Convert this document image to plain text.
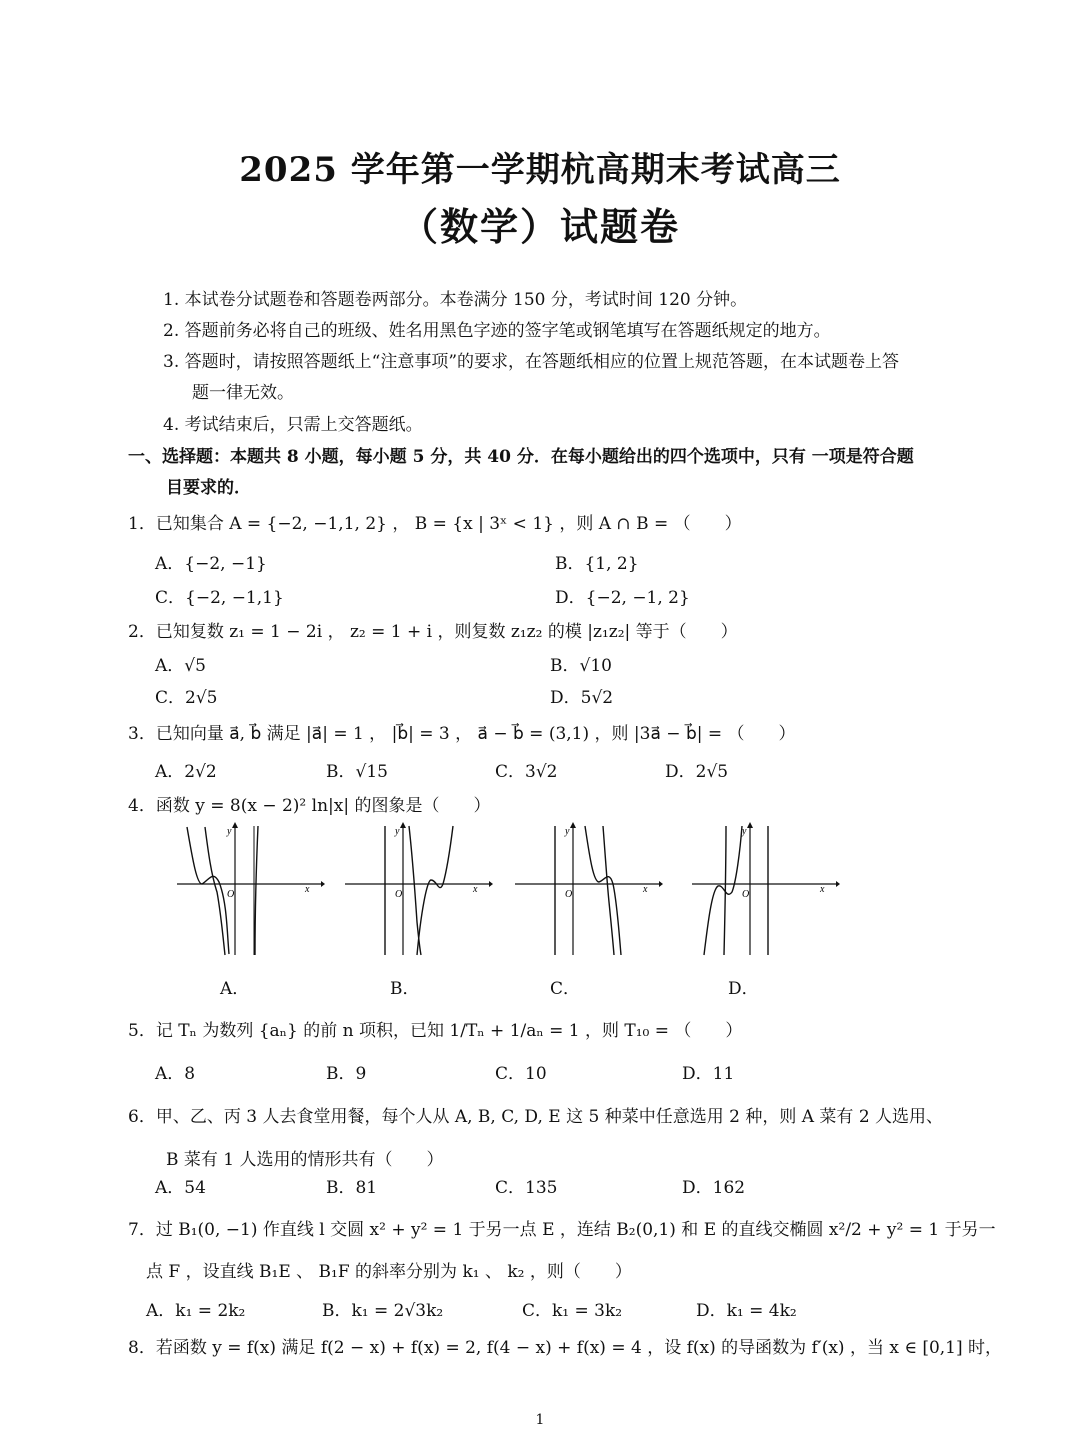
2025 学年第一学期杭高期末考试高三
（数学）试题卷
1. 本试卷分试题卷和答题卷两部分。本卷满分 150 分，考试时间 120 分钟。
2. 答题前务必将自己的班级、姓名用黑色字迹的签字笔或钢笔填写在答题纸规定的地方。
3. 答题时，请按照答题纸上“注意事项”的要求，在答题纸相应的位置上规范答题，在本试题卷上答
题一律无效。
4. 考试结束后，只需上交答题纸。
一、选择题：本题共 8 小题，每小题 5 分，共 40 分．在每小题给出的四个选项中，只有 一项是符合题
目要求的．
1．已知集合 A = {−2, −1,1, 2} ， B = {x | 3ˣ < 1} ，则 A ∩ B = （　　）
A．{−2, −1}	B．{1, 2}
C．{−2, −1,1}	D．{−2, −1, 2}
2．已知复数 z₁ = 1 − 2i ， z₂ = 1 + i ，则复数 z₁z₂ 的模 |z₁z₂| 等于（　　）
A．√5	B．√10
C．2√5	D．5√2
3．已知向量 a⃗, b⃗ 满足 |a⃗| = 1 ， |b⃗| = 3 ， a⃗ − b⃗ = (3,1) ，则 |3a⃗ − b⃗| = （　　）
A．2√2	B．√15	C．3√2	D．2√5
4．函数 y = 8(x − 2)² ln|x| 的图象是（　　）
x
y
O	x
y
O	x
y
O	x
y
O
A．	B．	C．	D．
5．记 Tₙ 为数列 {aₙ} 的前 n 项积，已知 1/Tₙ + 1/aₙ = 1 ，则 T₁₀ = （　　）
A．8	B．9	C．10	D．11
6．甲、乙、丙 3 人去食堂用餐，每个人从 A, B, C, D, E 这 5 种菜中任意选用 2 种，则 A 菜有 2 人选用、
B 菜有 1 人选用的情形共有（　　）
A．54	B．81	C．135	D．162
7．过 B₁(0, −1) 作直线 l 交圆 x² + y² = 1 于另一点 E ，连结 B₂(0,1) 和 E 的直线交椭圆 x²/2 + y² = 1 于另一
点 F ，设直线 B₁E 、 B₁F 的斜率分别为 k₁ 、 k₂ ，则（　　）
A．k₁ = 2k₂	B．k₁ = 2√3k₂	C．k₁ = 3k₂	D．k₁ = 4k₂
8．若函数 y = f(x) 满足 f(2 − x) + f(x) = 2, f(4 − x) + f(x) = 4 ，设 f(x) 的导函数为 f′(x) ，当 x ∈ [0,1] 时，
1
